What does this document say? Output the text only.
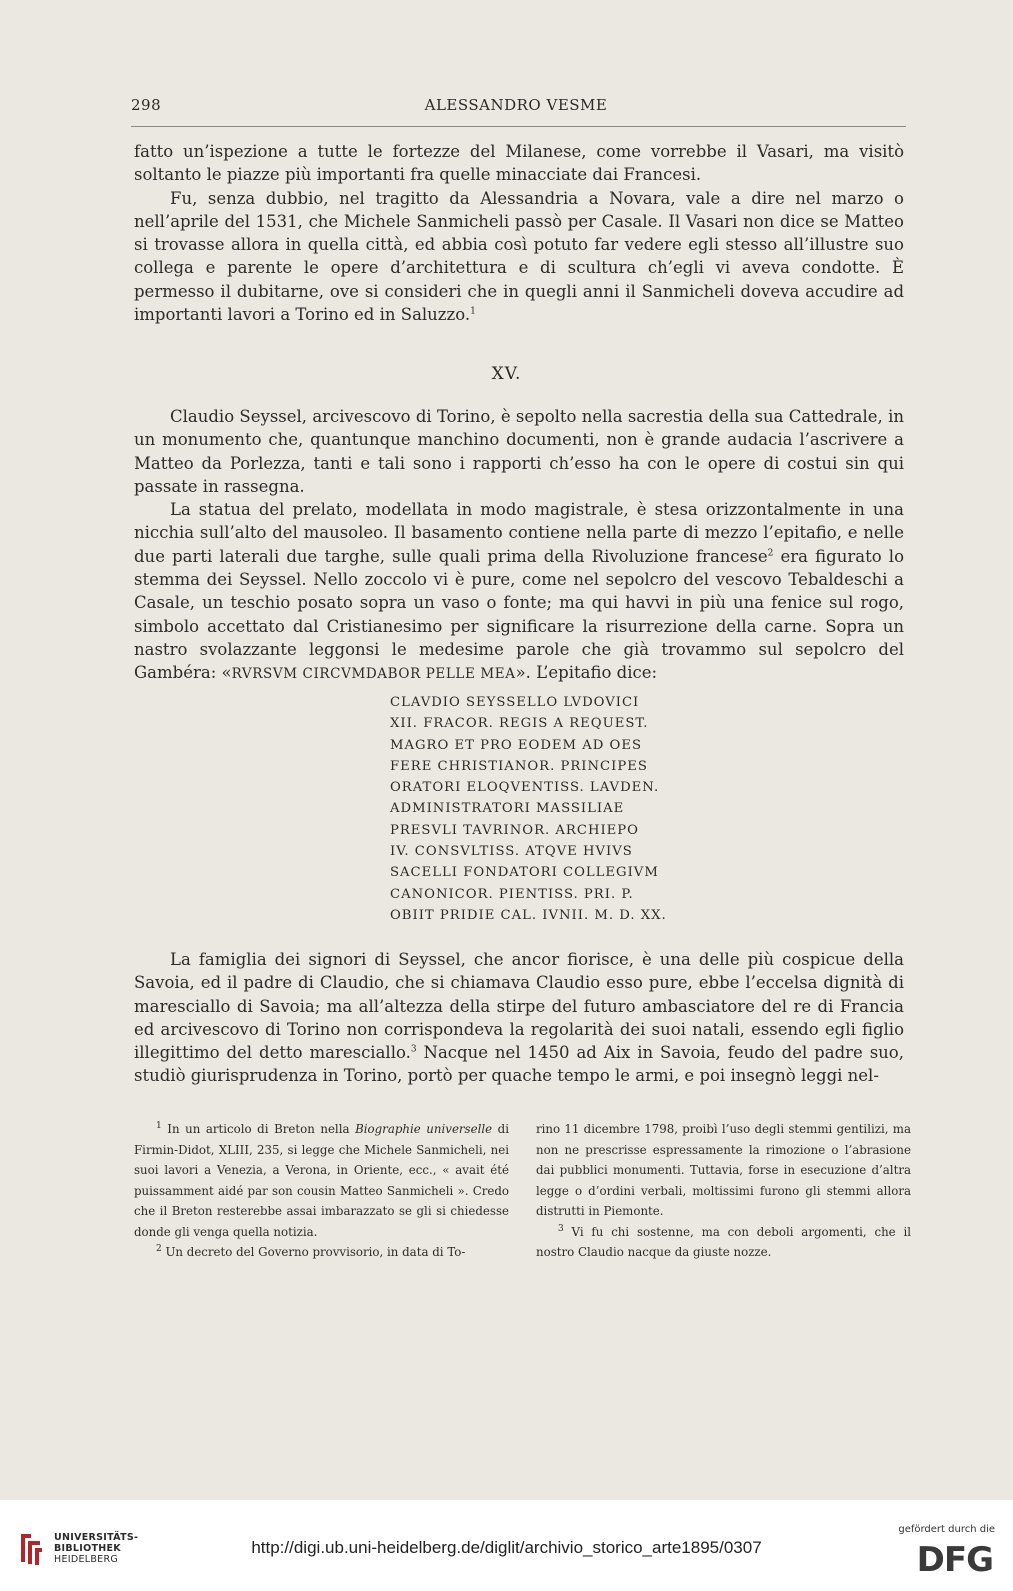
298	ALESSANDRO VESME

fatto un’ispezione a tutte le fortezze del Milanese, come vorrebbe il Vasari, ma visitò soltanto le piazze più importanti fra quelle minacciate dai Francesi.

Fu, senza dubbio, nel tragitto da Alessandria a Novara, vale a dire nel marzo o nell’aprile del 1531, che Michele Sanmicheli passò per Casale. Il Vasari non dice se Matteo si trovasse allora in quella città, ed abbia così potuto far vedere egli stesso all’illustre suo collega e parente le opere d’architettura e di scultura ch’egli vi aveva condotte. È permesso il dubitarne, ove si consideri che in quegli anni il Sanmicheli doveva accudire ad importanti lavori a Torino ed in Saluzzo.$^1$

XV.

Claudio Seyssel, arcivescovo di Torino, è sepolto nella sacrestia della sua Cattedrale, in un monumento che, quantunque manchino documenti, non è grande audacia l’ascrivere a Matteo da Porlezza, tanti e tali sono i rapporti ch’esso ha con le opere di costui sin qui passate in rassegna.

La statua del prelato, modellata in modo magistrale, è stesa orizzontalmente in una nicchia sull’alto del mausoleo. Il basamento contiene nella parte di mezzo l’epitafio, e nelle due parti laterali due targhe, sulle quali prima della Rivoluzione francese$^2$ era figurato lo stemma dei Seyssel. Nello zoccolo vi è pure, come nel sepolcro del vescovo Tebaldeschi a Casale, un teschio posato sopra un vaso o fonte; ma qui havvi in più una fenice sul rogo, simbolo accettato dal Cristianesimo per significare la risurrezione della carne. Sopra un nastro svolazzante leggonsi le medesime parole che già trovammo sul sepolcro del Gambéra: «RVRSVM CIRCVMDABOR PELLE MEA». L’epitafio dice:

CLAVDIO SEYSSELLO LVDOVICI
XII. FRACOR. REGIS A REQUEST.
MAGRO ET PRO EODEM AD OES
FERE CHRISTIANOR. PRINCIPES
ORATORI ELOQVENTISS. LAVDEN.
ADMINISTRATORI MASSILIAE
PRESVLI TAVRINOR. ARCHIEPO
IV. CONSVLTISS. ATQVE HVIVS
SACELLI FONDATORI COLLEGIVM
CANONICOR. PIENTISS. PRI. P.
OBIIT PRIDIE CAL. IVNII. M. D. XX.

La famiglia dei signori di Seyssel, che ancor fiorisce, è una delle più cospicue della Savoia, ed il padre di Claudio, che si chiamava Claudio esso pure, ebbe l’eccelsa dignità di maresciallo di Savoia; ma all’altezza della stirpe del futuro ambasciatore del re di Francia ed arcivescovo di Torino non corrispondeva la regolarità dei suoi natali, essendo egli figlio illegittimo del detto maresciallo.$^3$ Nacque nel 1450 ad Aix in Savoia, feudo del padre suo, studiò giurisprudenza in Torino, portò per quache tempo le armi, e poi insegnò leggi nel-

$^1$ In un articolo di Breton nella Biographie universelle di Firmin-Didot, XLIII, 235, si legge che Michele Sanmicheli, nei suoi lavori a Venezia, a Verona, in Oriente, ecc., « avait été puissamment aidé par son cousin Matteo Sanmicheli ». Credo che il Breton resterebbe assai imbarazzato se gli si chiedesse donde gli venga quella notizia.

$^2$ Un decreto del Governo provvisorio, in data di To-

rino 11 dicembre 1798, proibì l’uso degli stemmi gentilizi, ma non ne prescrisse espressamente la rimozione o l’abrasione dai pubblici monumenti. Tuttavia, forse in esecuzione d’altra legge o d’ordini verbali, moltissimi furono gli stemmi allora distrutti in Piemonte.

$^3$ Vi fu chi sostenne, ma con deboli argomenti, che il nostro Claudio nacque da giuste nozze.

UNIVERSITÄTS-
BIBLIOTHEK
HEIDELBERG
http://digi.ub.uni-heidelberg.de/diglit/archivio_storico_arte1895/0307
gefördert durch die
DFG
